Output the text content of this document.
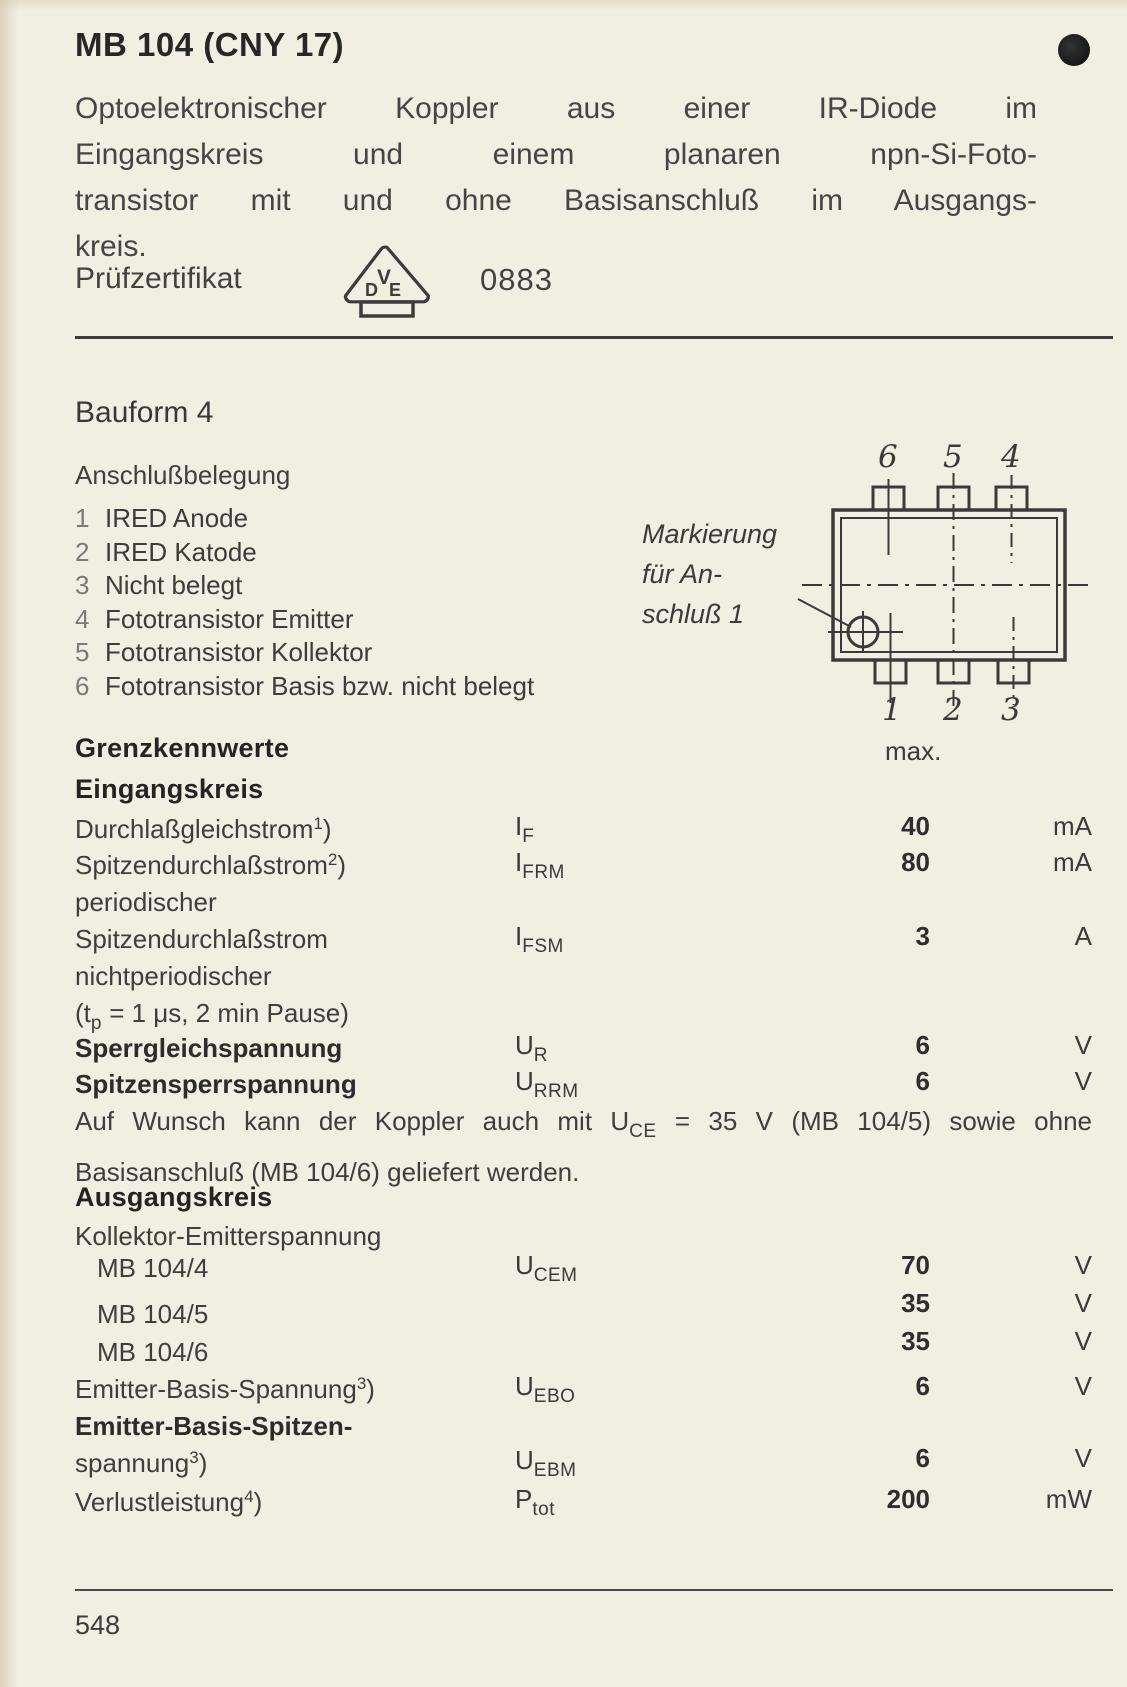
MB 104 (CNY 17)
Optoelektronischer Koppler aus einer IR-Diode im
Eingangskreis und einem planaren npn-Si-Foto-
transistor mit und ohne Basisanschluß im Ausgangs-
kreis.
Prüfzertifikat	V
D E	0883
Bauform 4
Anschlußbelegung
1 IRED Anode
2 IRED Katode
3 Nicht belegt
4 Fototransistor Emitter
5 Fototransistor Kollektor
6 Fototransistor Basis bzw. nicht belegt
Markierung
für An-
schluß 1
6 5 4
1 2 3
Grenzkennwerte	max.
Eingangskreis
Durchlaßgleichstrom$^1$)	$I_F$	40	mA
Spitzendurchlaßstrom$^2$)
periodischer
$I_{FRM}$	80	mA
Spitzendurchlaßstrom
nichtperiodischer
($t_p = 1$ μs, 2 min Pause)
$I_{FSM}$	3	A
Sperrgleichspannung	$U_R$	6	V
Spitzensperrspannung	$U_{RRM}$	6	V
Auf Wunsch kann der Koppler auch mit $U_{CE} = 35$ V (MB 104/5) sowie ohne
Basisanschluß (MB 104/6) geliefert werden.
Ausgangskreis
Kollektor-Emitterspannung
MB 104/4	$U_{CEM}$	70	V
MB 104/5	35	V
MB 104/6	35	V
Emitter-Basis-Spannung$^3$)	$U_{EBO}$	6	V
Emitter-Basis-Spitzen-
spannung$^3$)	$U_{EBM}$	6	V
Verlustleistung$^4$)	$P_{tot}$	200	mW
548
